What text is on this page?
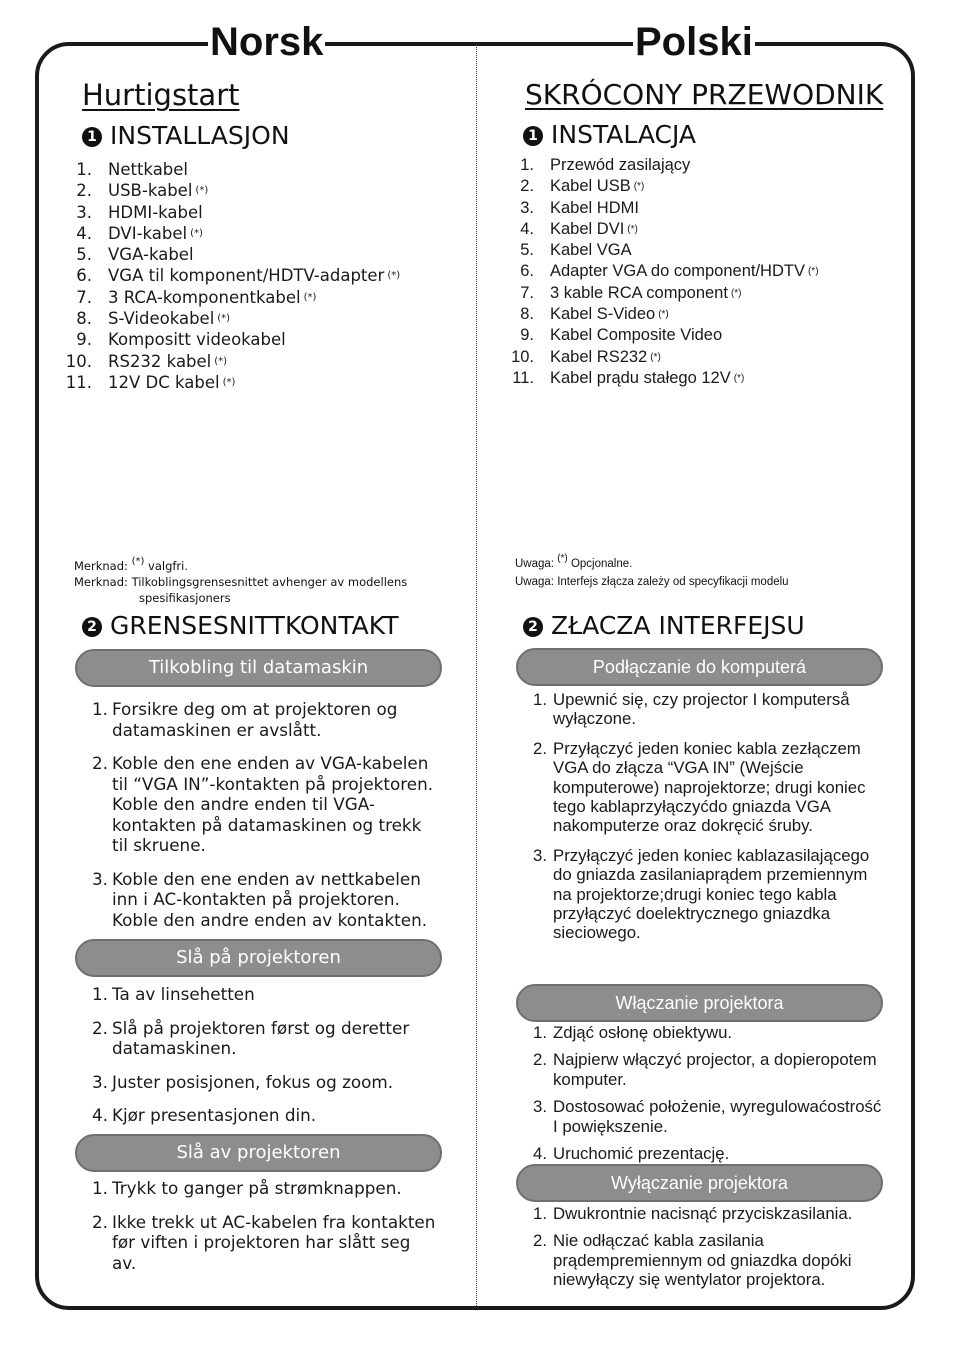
Norsk	Polski
Hurtigstart
1 INSTALLASJON
1. Nettkabel
2. USB-kabel (*)
3. HDMI-kabel
4. DVI-kabel (*)
5. VGA-kabel
6. VGA til komponent/HDTV-adapter (*)
7. 3 RCA-komponentkabel (*)
8. S-Videokabel (*)
9. Kompositt videokabel
10. RS232 kabel (*)
11. 12V DC kabel (*)
Merknad: (*) valgfri.
Merknad: Tilkoblingsgrensesnittet avhenger av modellens
spesifikasjoners
2 GRENSESNITTKONTAKT
Tilkobling til datamaskin
1. Forsikre deg om at projektoren og datamaskinen er avslått.
2. Koble den ene enden av VGA-kabelen til “VGA IN”-kontakten på projektoren. Koble den andre enden til VGA-kontakten på datamaskinen og trekk til skruene.
3. Koble den ene enden av nettkabelen inn i AC-kontakten på projektoren. Koble den andre enden av kontakten.
Slå på projektoren
1. Ta av linsehetten
2. Slå på projektoren først og deretter datamaskinen.
3. Juster posisjonen, fokus og zoom.
4. Kjør presentasjonen din.
Slå av projektoren
1. Trykk to ganger på strømknappen.
2. Ikke trekk ut AC-kabelen fra kontakten før viften i projektoren har slått seg av.
SKRÓCONY PRZEWODNIK
1 INSTALACJA
1. Przewód zasilający
2. Kabel USB (*)
3. Kabel HDMI
4. Kabel DVI (*)
5. Kabel VGA
6. Adapter VGA do component/HDTV (*)
7. 3 kable RCA component (*)
8. Kabel S-Video (*)
9. Kabel Composite Video
10. Kabel RS232 (*)
11. Kabel prądu stałego 12V (*)
Uwaga: (*) Opcjonalne.
Uwaga: Interfejs złącza zależy od specyfikacji modelu
2 ZŁACZA INTERFEJSU
Podłączanie do komputerá
1. Upewnić się, czy projector I komputerså wyłączone.
2. Przyłączyć jeden koniec kabla zezłączem VGA do złącza “VGA IN” (Wejście komputerowe) naprojektorze; drugi koniec tego kablaprzyłączyćdo gniazda VGA nakomputerze oraz dokręcić śruby.
3. Przyłączyć jeden koniec kablazasilającego do gniazda zasilaniaprądem przemiennym na projektorze;drugi koniec tego kabla przyłączyć doelektrycznego gniazdka sieciowego.
Włączanie projektora
1. Zdjąć osłonę obiektywu.
2. Najpierw włączyć projector, a dopieropotem komputer.
3. Dostosować położenie, wyregulowaćostrość I powiększenie.
4. Uruchomić prezentację.
Wyłączanie projektora
1. Dwukrontnie nacisnąć przyciskzasilania.
2. Nie odłączać kabla zasilania prądempremiennym od gniazdka dopóki niewyłączy się wentylator projektora.
